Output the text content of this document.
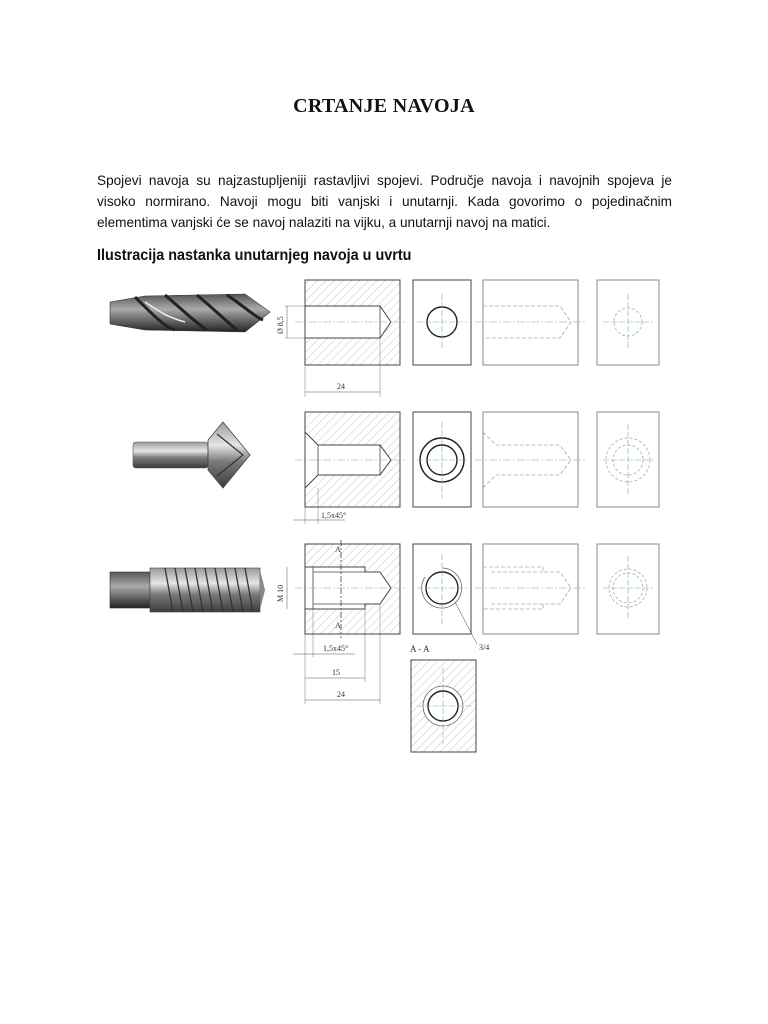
CRTANJE NAVOJA
Spojevi navoja su najzastupljeniji rastavljivi spojevi. Područje navoja i navojnih spojeva je visoko normirano. Navoji mogu biti vanjski i unutarnji. Kada govorimo o pojedinačnim elementima vanjski će se navoj nalaziti na vijku, a unutarnji navoj na matici.
Ilustracija nastanka unutarnjeg navoja u uvrtu
Ø 8,5
24
1,5x45°
A
A
M 10
1,5x45°
15
24
3/4
A - A
